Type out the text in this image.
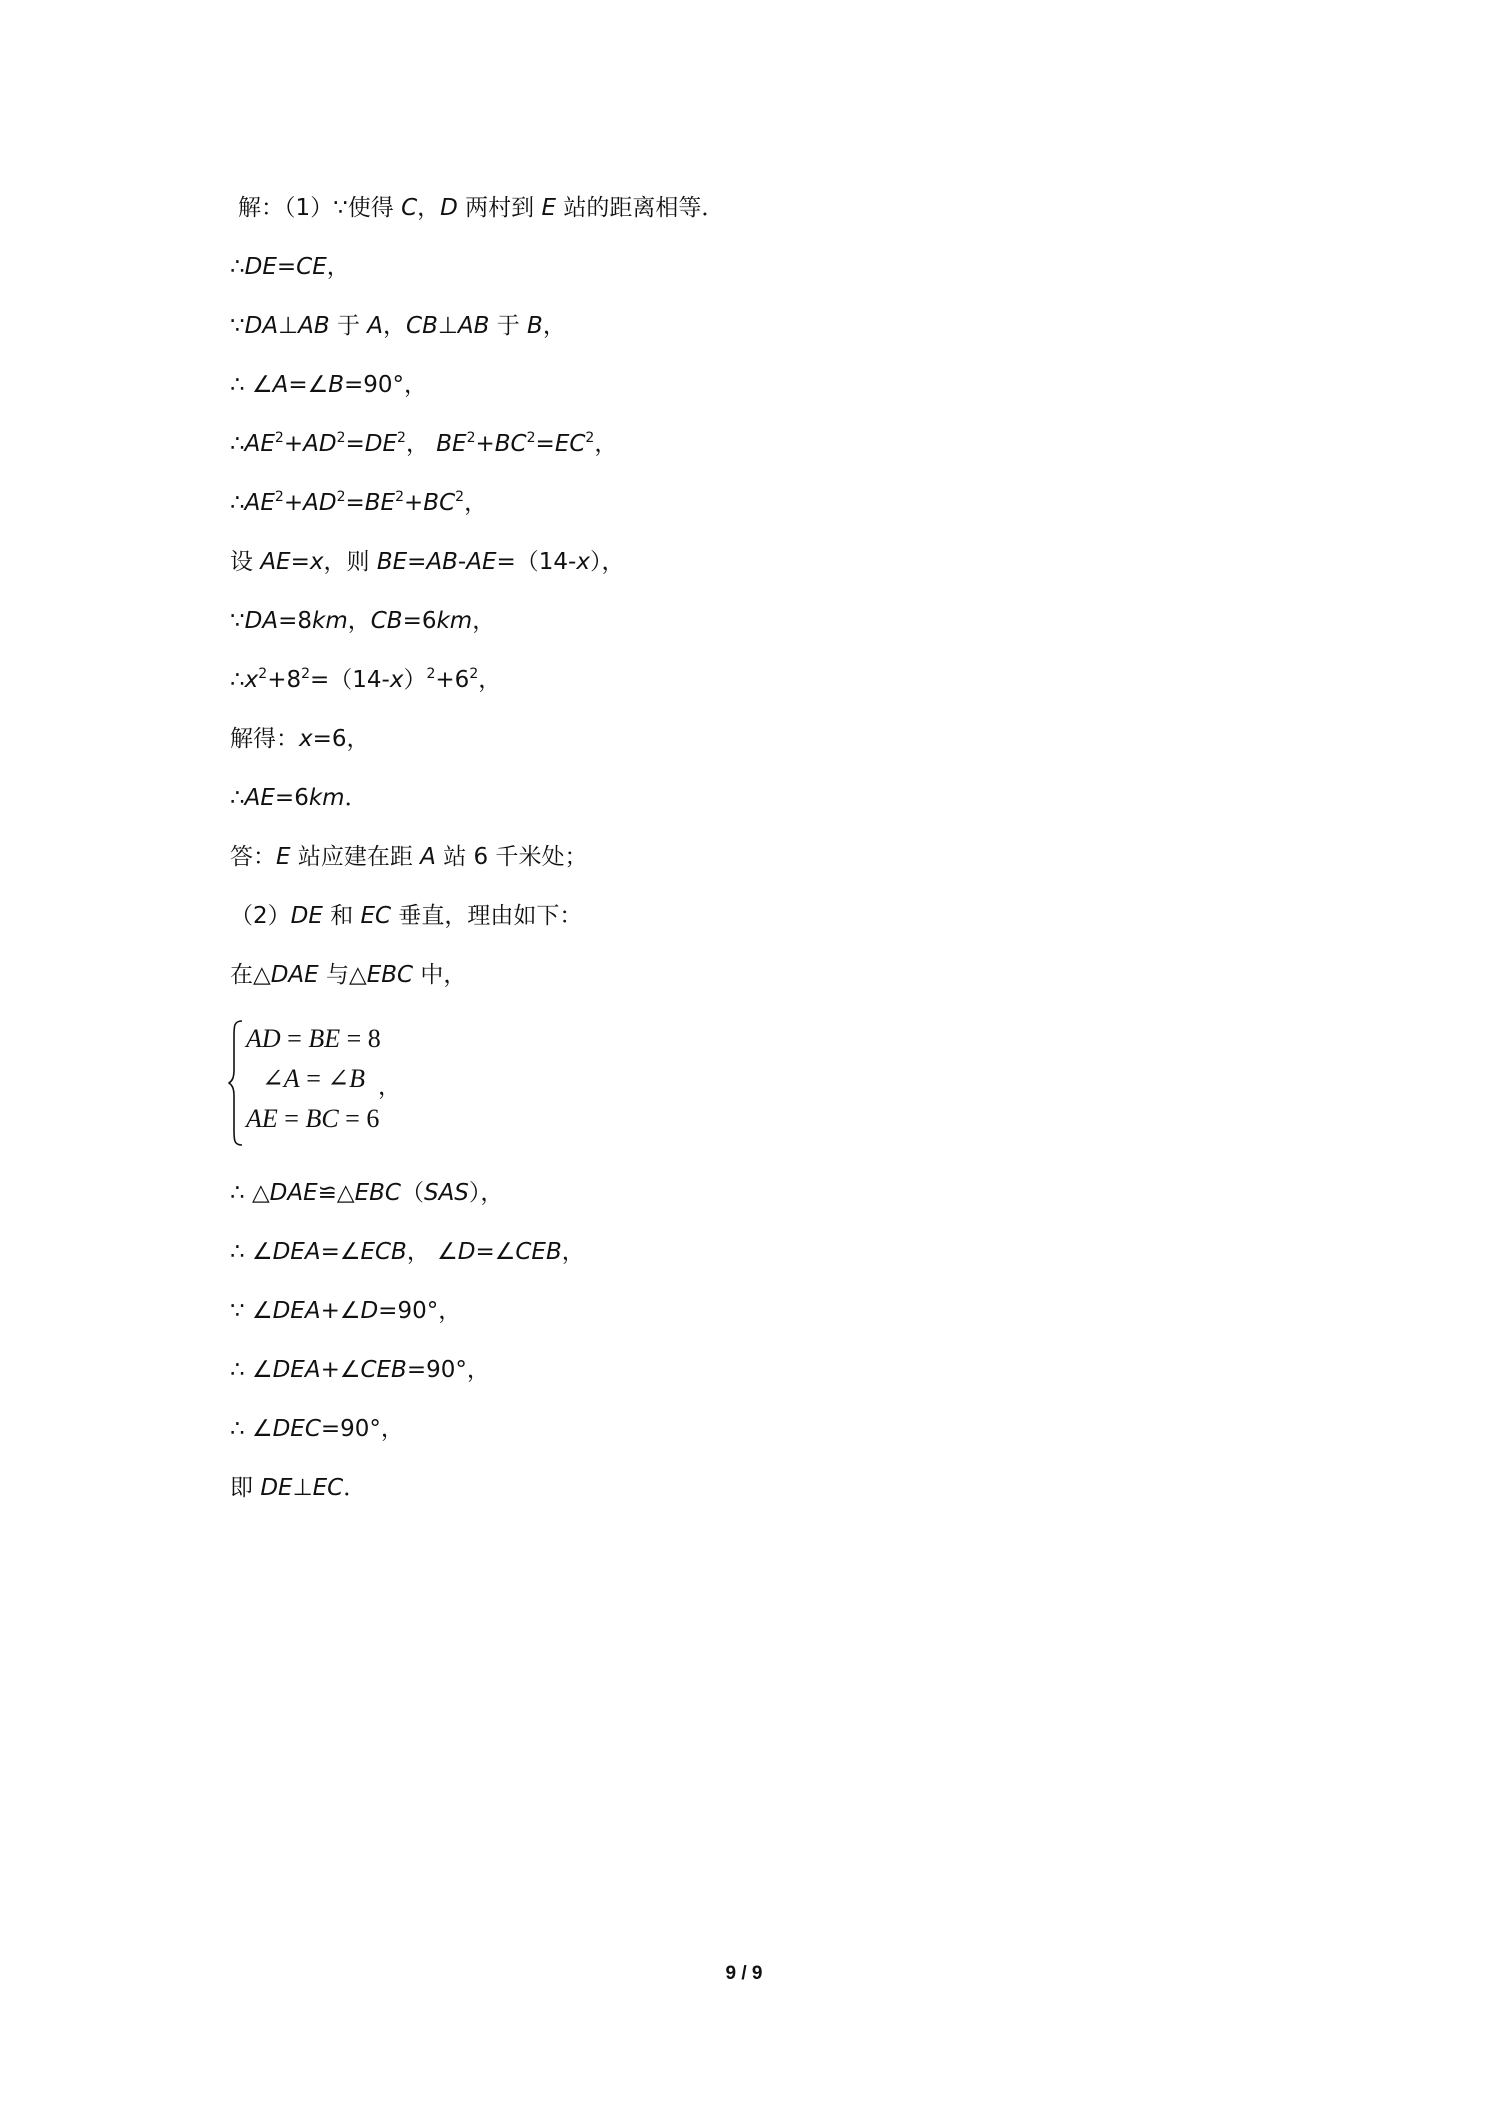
解：（1）∵使得 C，D 两村到 E 站的距离相等．
∴DE=CE，
∵DA⊥AB 于 A，CB⊥AB 于 B，
∴ ∠A=∠B=90°，
$\therefore AE^2+AD^2=DE^2$， $BE^2+BC^2=EC^2$，
$\therefore AE^2+AD^2=BE^2+BC^2$，
设 AE=x，则 BE=AB-AE=（14-x），
∵DA=8km，CB=6km，
$\therefore x^2+8^2=(14-x)^2+6^2$，
解得：x=6，
∴AE=6km．
答：E 站应建在距 A 站 6 千米处；
（2）DE 和 EC 垂直，理由如下：
在△DAE 与△EBC 中，
AD = BE = 8
∠A = ∠B ，
AE = BC = 6
∴ △DAE≌△EBC（SAS），
∴ ∠DEA=∠ECB， ∠D=∠CEB，
∵ ∠DEA+∠D=90°，
∴ ∠DEA+∠CEB=90°，
∴ ∠DEC=90°，
即 DE⊥EC．
9 / 9
